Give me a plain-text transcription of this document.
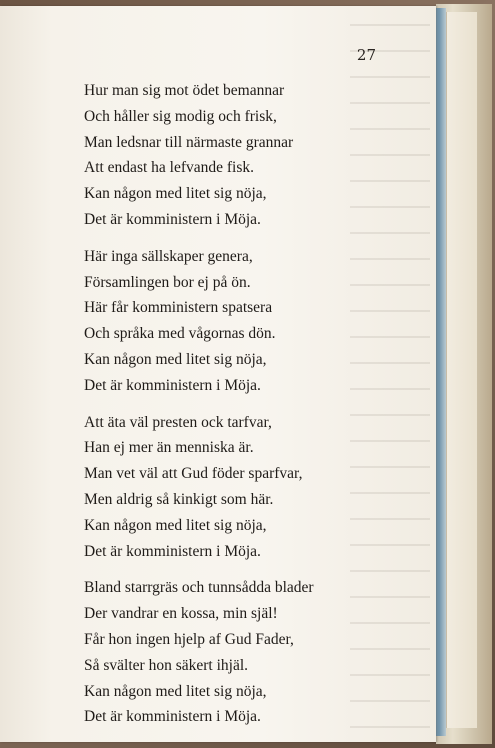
27
Hur man sig mot ödet bemannar
Och håller sig modig och frisk,
Man ledsnar till närmaste grannar
Att endast ha lefvande fisk.
Kan någon med litet sig nöja,
Det är komministern i Möja.
Här inga sällskaper genera,
Församlingen bor ej på ön.
Här får komministern spatsera
Och språka med vågornas dön.
Kan någon med litet sig nöja,
Det är komministern i Möja.
Att äta väl presten ock tarfvar,
Han ej mer än menniska är.
Man vet väl att Gud föder sparfvar,
Men aldrig så kinkigt som här.
Kan någon med litet sig nöja,
Det är komministern i Möja.
Bland starrgräs och tunnsådda blader
Der vandrar en kossa, min själ!
Får hon ingen hjelp af Gud Fader,
Så svälter hon säkert ihjäl.
Kan någon med litet sig nöja,
Det är komministern i Möja.
